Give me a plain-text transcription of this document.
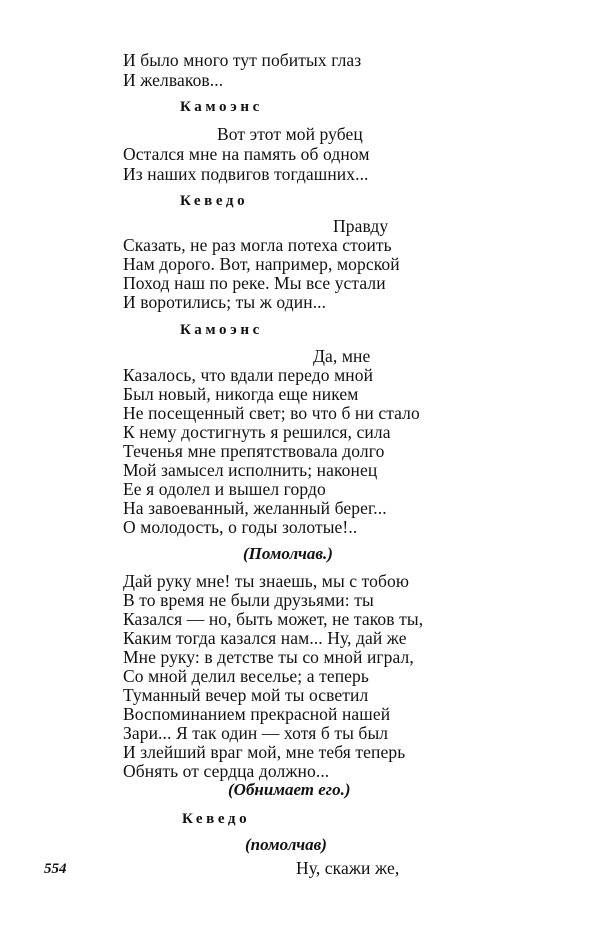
И было много тут побитых глаз
И желваков...
Камоэнс
Вот этот мой рубец
Остался мне на память об одном
Из наших подвигов тогдашних...
Кеведо
Правду
Сказать, не раз могла потеха стоить
Нам дорого. Вот, например, морской
Поход наш по реке. Мы все устали
И воротились; ты ж один...
Камоэнс
Да, мне
Казалось, что вдали передо мной
Был новый, никогда еще никем
Не посещенный свет; во что б ни стало
К нему достигнуть я решился, сила
Теченья мне препятствовала долго
Мой замысел исполнить; наконец
Ее я одолел и вышел гордо
На завоеванный, желанный берег...
О молодость, о годы золотые!..
(Помолчав.)
Дай руку мне! ты знаешь, мы с тобою
В то время не были друзьями: ты
Казался — но, быть может, не таков ты,
Каким тогда казался нам... Ну, дай же
Мне руку: в детстве ты со мной играл,
Со мной делил веселье; а теперь
Туманный вечер мой ты осветил
Воспоминанием прекрасной нашей
Зари... Я так один — хотя б ты был
И злейший враг мой, мне тебя теперь
Обнять от сердца должно...
(Обнимает его.)
Кеведо
(помолчав)
Ну, скажи же,
554
